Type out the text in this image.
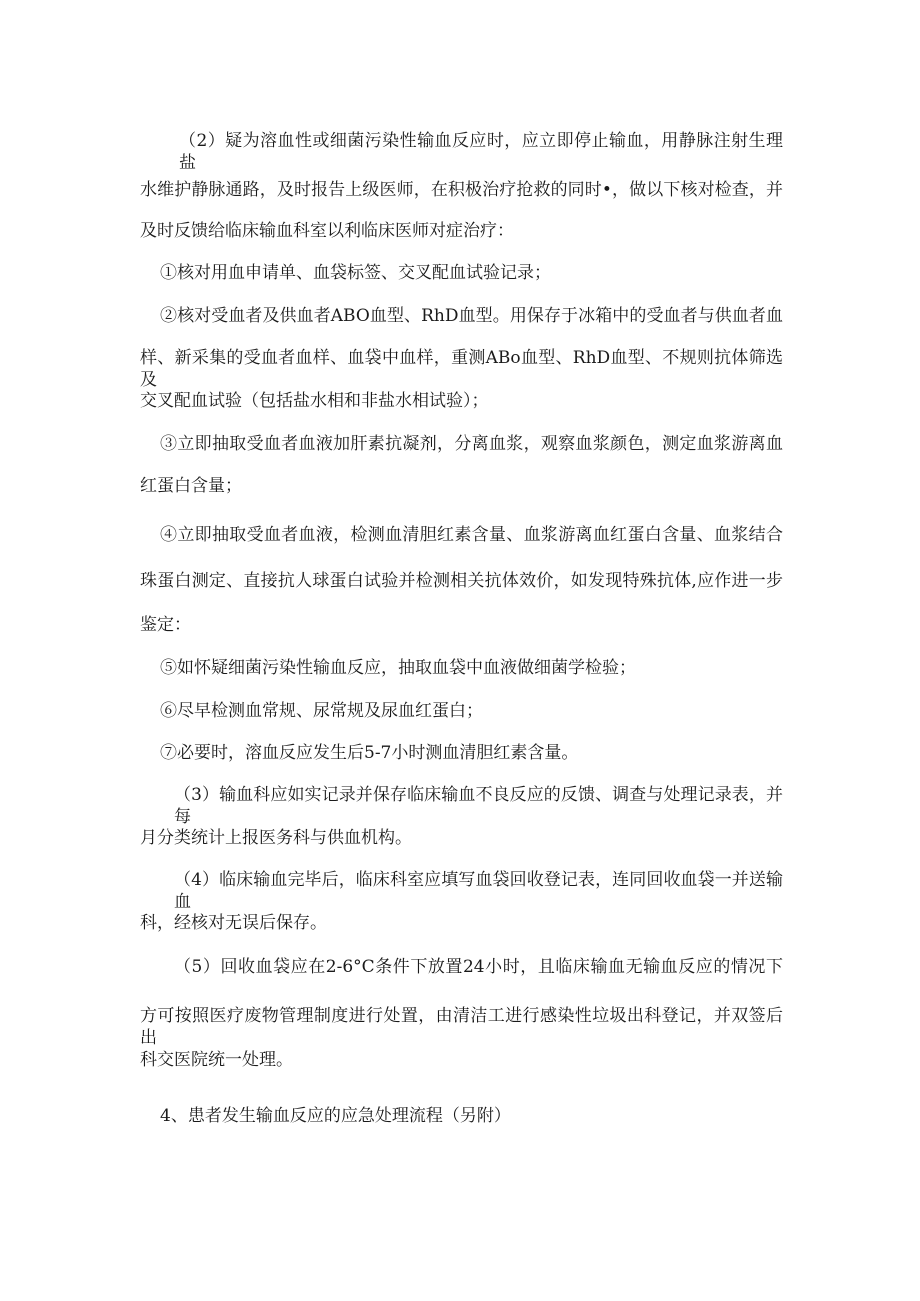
（2）疑为溶血性或细菌污染性输血反应时，应立即停止输血，用静脉注射生理盐
水维护静脉通路，及时报告上级医师，在积极治疗抢救的同时•，做以下核对检查，并
及时反馈给临床输血科室以利临床医师对症治疗：
①核对用血申请单、血袋标签、交叉配血试验记录；
②核对受血者及供血者ABO血型、RhD血型。用保存于冰箱中的受血者与供血者血
样、新采集的受血者血样、血袋中血样，重测ABo血型、RhD血型、不规则抗体筛选及
交叉配血试验（包括盐水相和非盐水相试验）；
③立即抽取受血者血液加肝素抗凝剂，分离血浆，观察血浆颜色，测定血浆游离血
红蛋白含量；
④立即抽取受血者血液，检测血清胆红素含量、血浆游离血红蛋白含量、血浆结合
珠蛋白测定、直接抗人球蛋白试验并检测相关抗体效价，如发现特殊抗体,应作进一步
鉴定：
⑤如怀疑细菌污染性输血反应，抽取血袋中血液做细菌学检验；
⑥尽早检测血常规、尿常规及尿血红蛋白；
⑦必要时，溶血反应发生后5-7小时测血清胆红素含量。
（3）输血科应如实记录并保存临床输血不良反应的反馈、调查与处理记录表，并每
月分类统计上报医务科与供血机构。
（4）临床输血完毕后，临床科室应填写血袋回收登记表，连同回收血袋一并送输血
科，经核对无误后保存。
（5）回收血袋应在2-6°C条件下放置24小时，且临床输血无输血反应的情况下
方可按照医疗废物管理制度进行处置，由清洁工进行感染性垃圾出科登记，并双签后出
科交医院统一处理。
4、患者发生输血反应的应急处理流程（另附）
